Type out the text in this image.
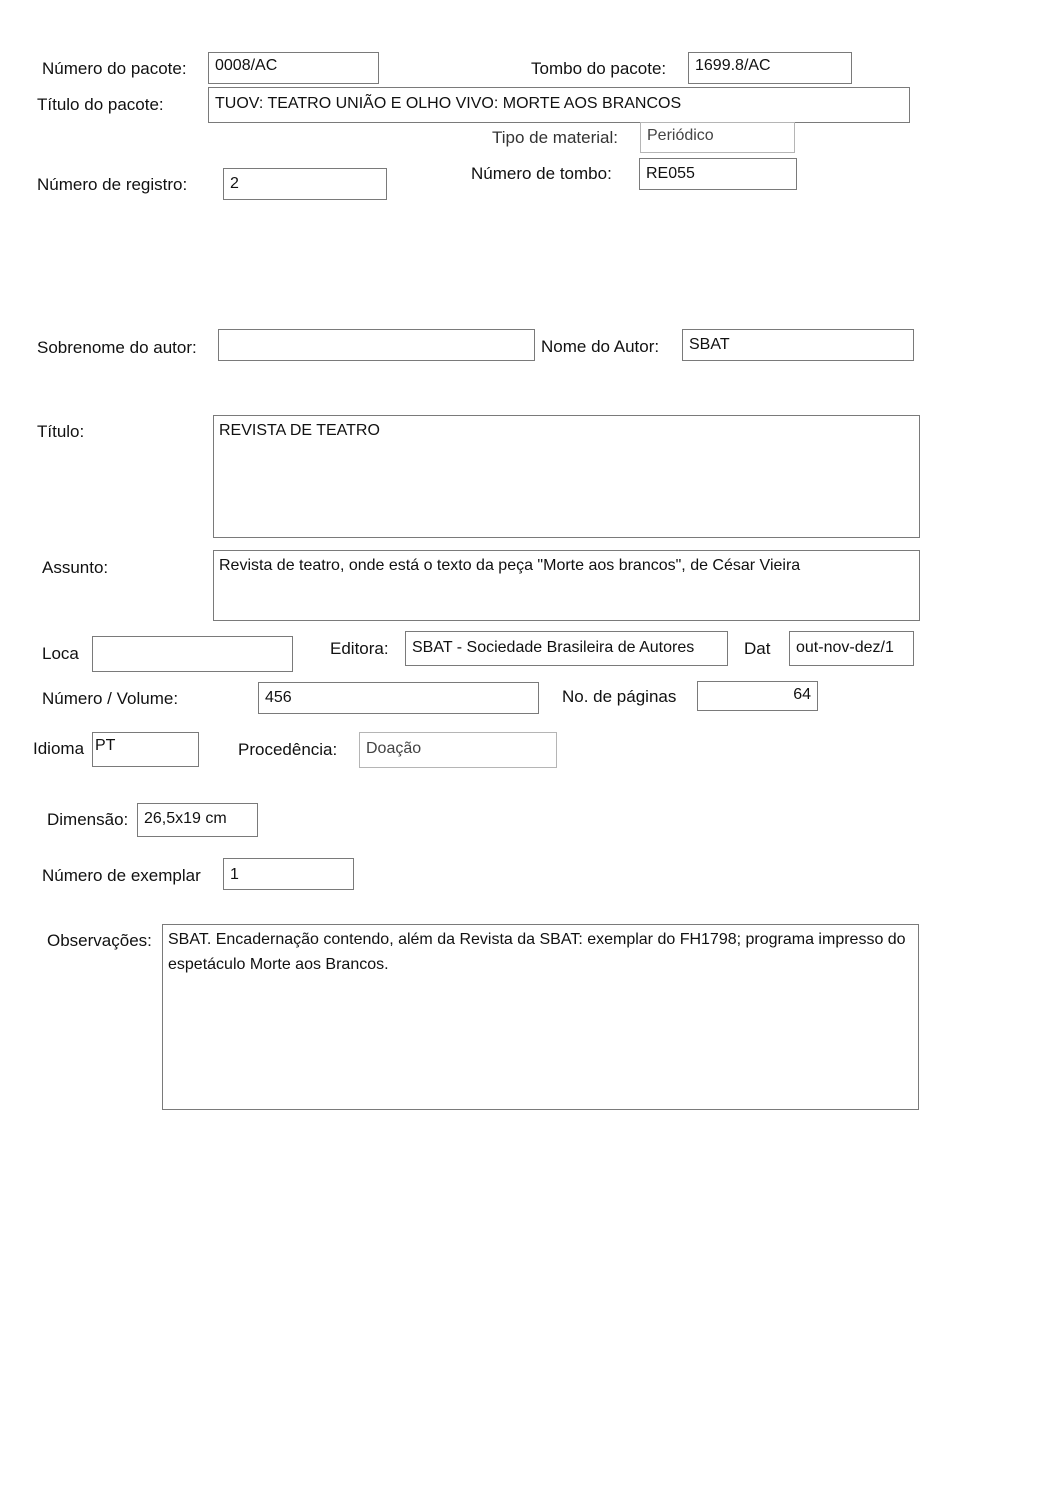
Número do pacote:	0008/AC	Tombo do pacote:	1699.8/AC
Título do pacote:	TUOV: TEATRO UNIÃO E OLHO VIVO: MORTE AOS BRANCOS
Tipo de material:	Periódico
Número de registro:	2
Número de tombo:	RE055
Sobrenome do autor:	Nome do Autor:	SBAT
Título:	REVISTA DE TEATRO
Assunto:	Revista de teatro, onde está o texto da peça "Morte aos brancos", de César Vieira
Loca	Editora:	SBAT - Sociedade Brasileira de Autores	Dat	out-nov-dez/1
Número / Volume:	456	No. de páginas	64
Idioma PT	Procedência:	Doação
Dimensão: 26,5x19 cm
Número de exemplar	1
Observações:	SBAT. Encadernação contendo, além da Revista da SBAT: exemplar do FH1798; programa impresso do espetáculo Morte aos Brancos.
